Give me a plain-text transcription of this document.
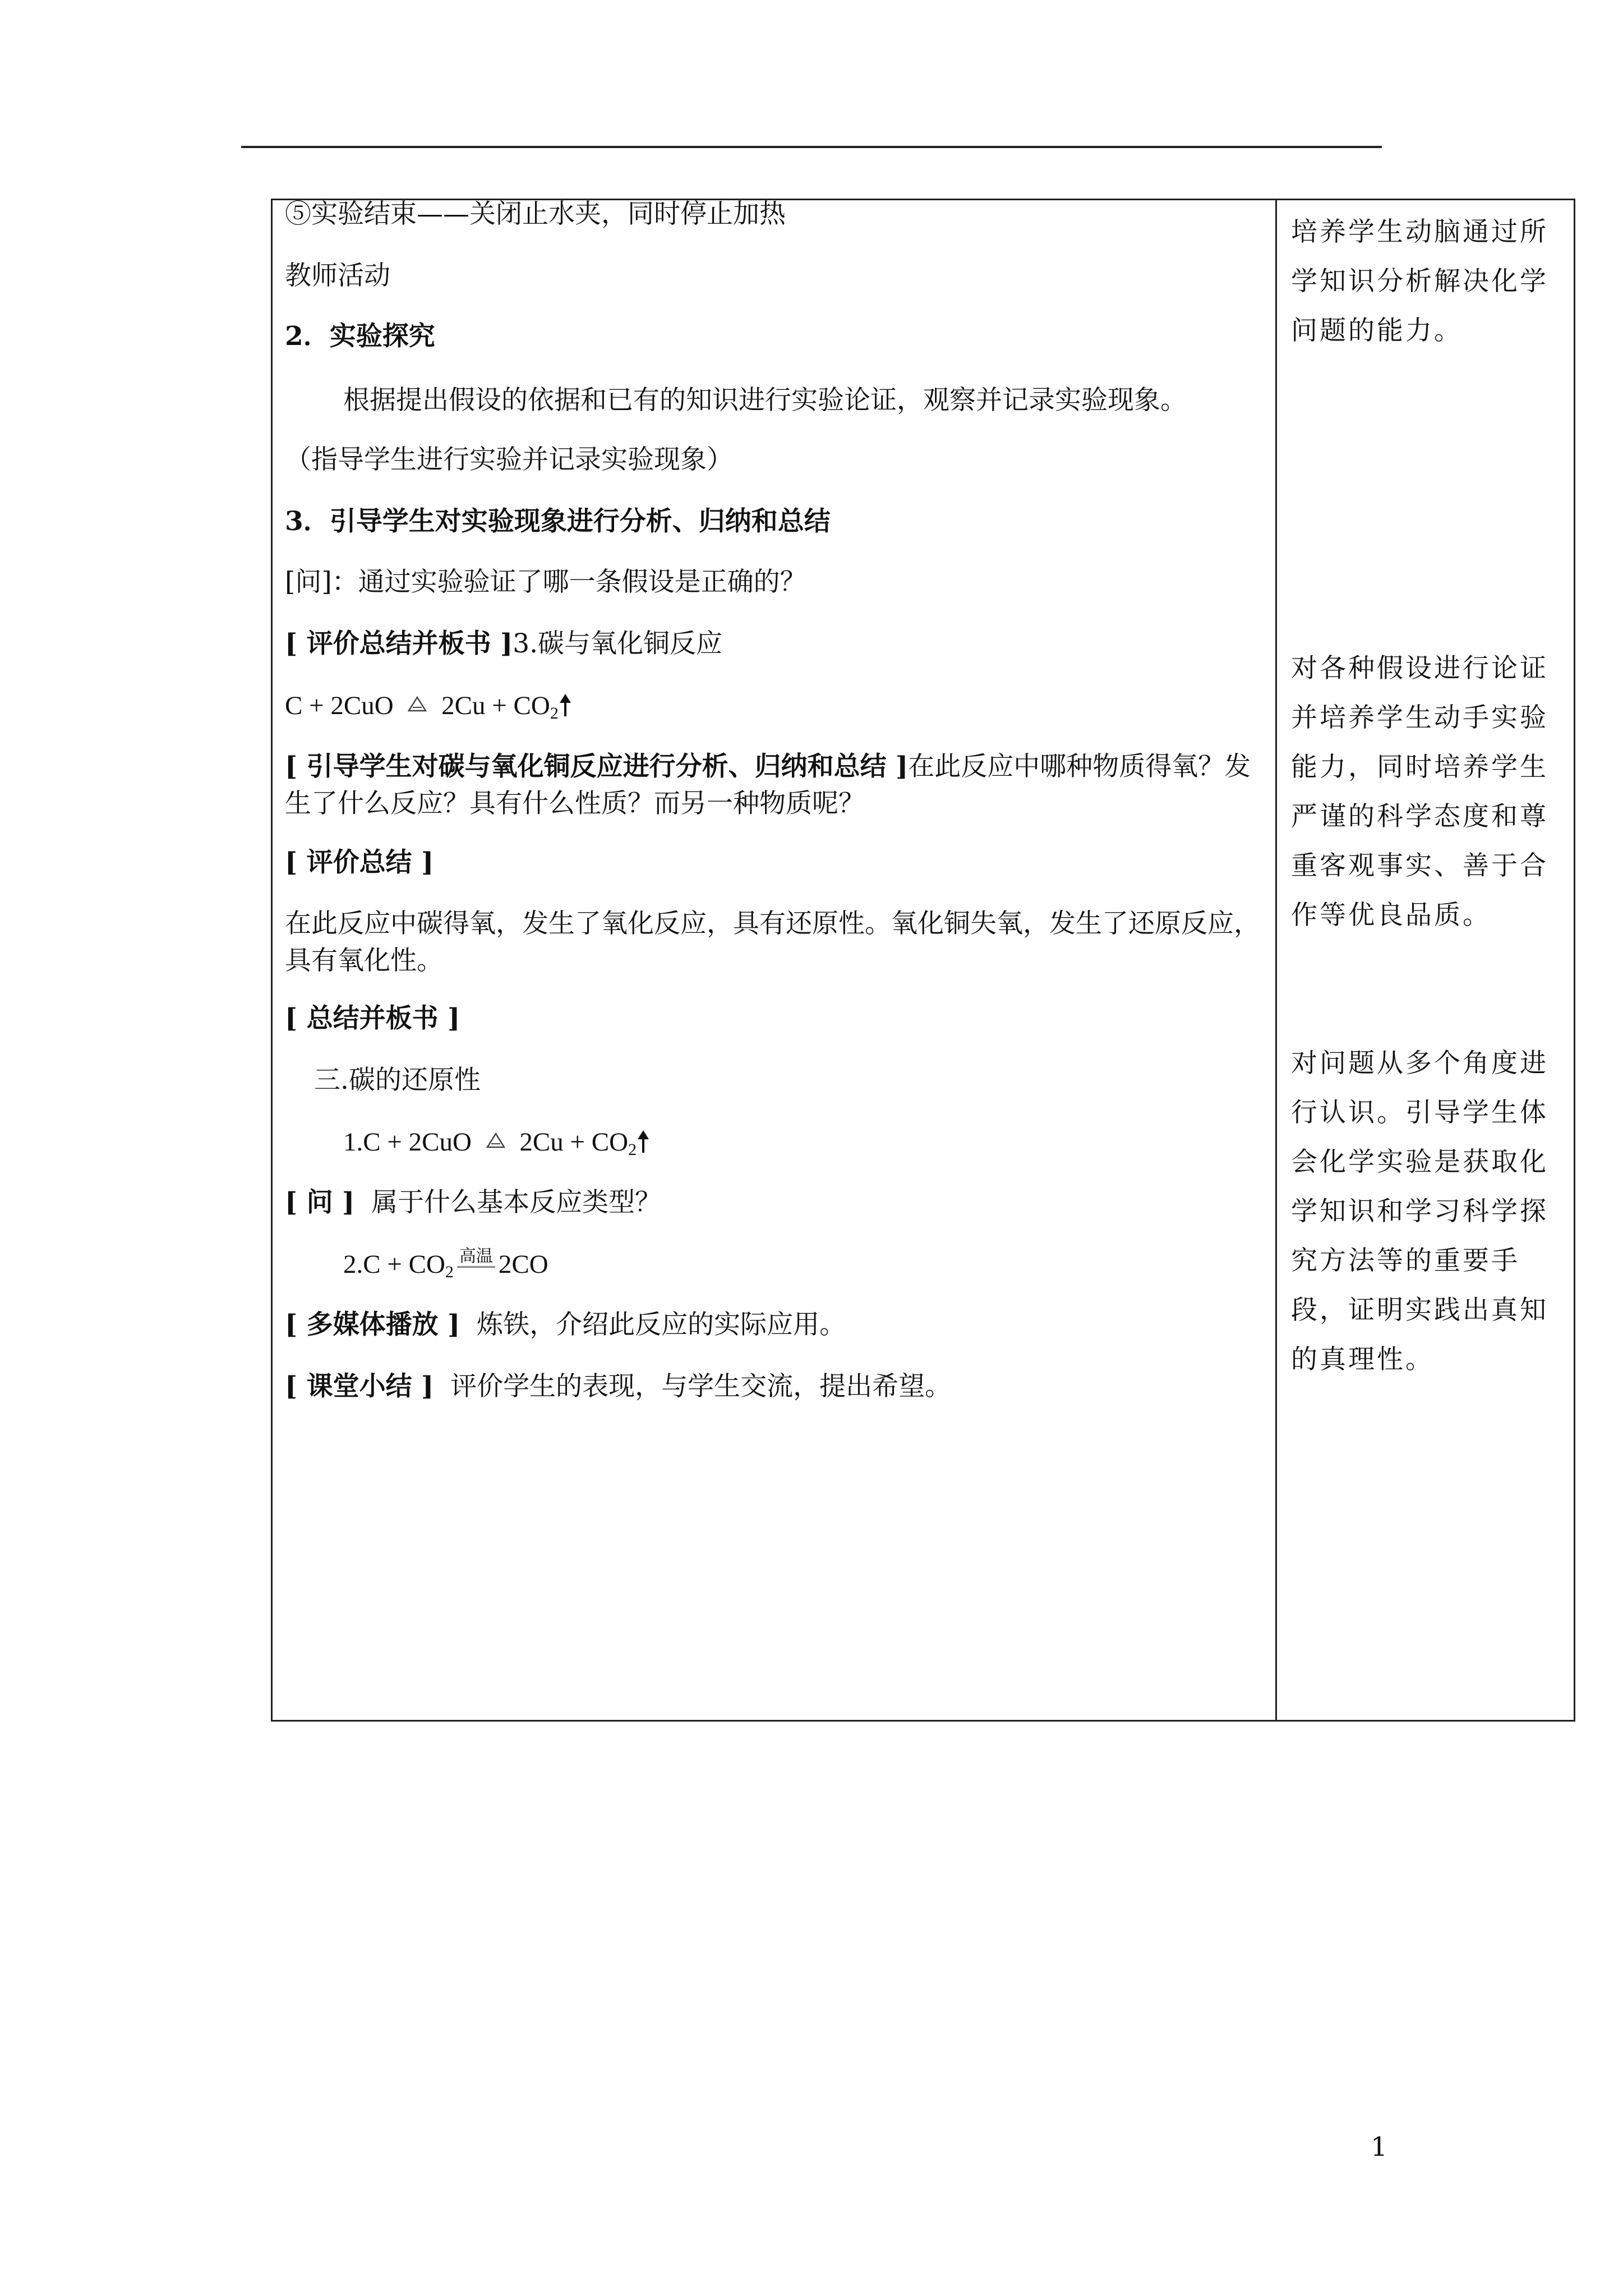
⑤实验结束——关闭止水夹，同时停止加热
教师活动
2．实验探究
根据提出假设的依据和已有的知识进行实验论证，观察并记录实验现象。
（指导学生进行实验并记录实验现象）
3．引导学生对实验现象进行分析、归纳和总结
[问]：通过实验验证了哪一条假设是正确的？
[ 评价总结并板书 ]3.碳与氧化铜反应
C + 2CuO $2Cu + CO_2$
[ 引导学生对碳与氧化铜反应进行分析、归纳和总结 ]在此反应中哪种物质得氧？发生了什么反应？具有什么性质？而另一种物质呢？
[ 评价总结 ]
在此反应中碳得氧，发生了氧化反应，具有还原性。氧化铜失氧，发生了还原反应，具有氧化性。
[ 总结并板书 ]
三.碳的还原性
1.C + 2CuO $2Cu + CO_2$
[ 问 ] 属于什么基本反应类型？
$2.C + CO_2$
高温 2CO
[ 多媒体播放 ] 炼铁，介绍此反应的实际应用。
[ 课堂小结 ] 评价学生的表现，与学生交流，提出希望。
培养学生动脑通过所学知识分析解决化学问题的能力。
对各种假设进行论证并培养学生动手实验能力，同时培养学生严谨的科学态度和尊重客观事实、善于合作等优良品质。
对问题从多个角度进行认识。引导学生体会化学实验是获取化学知识和学习科学探究方法等的重要手段，证明实践出真知的真理性。
1
